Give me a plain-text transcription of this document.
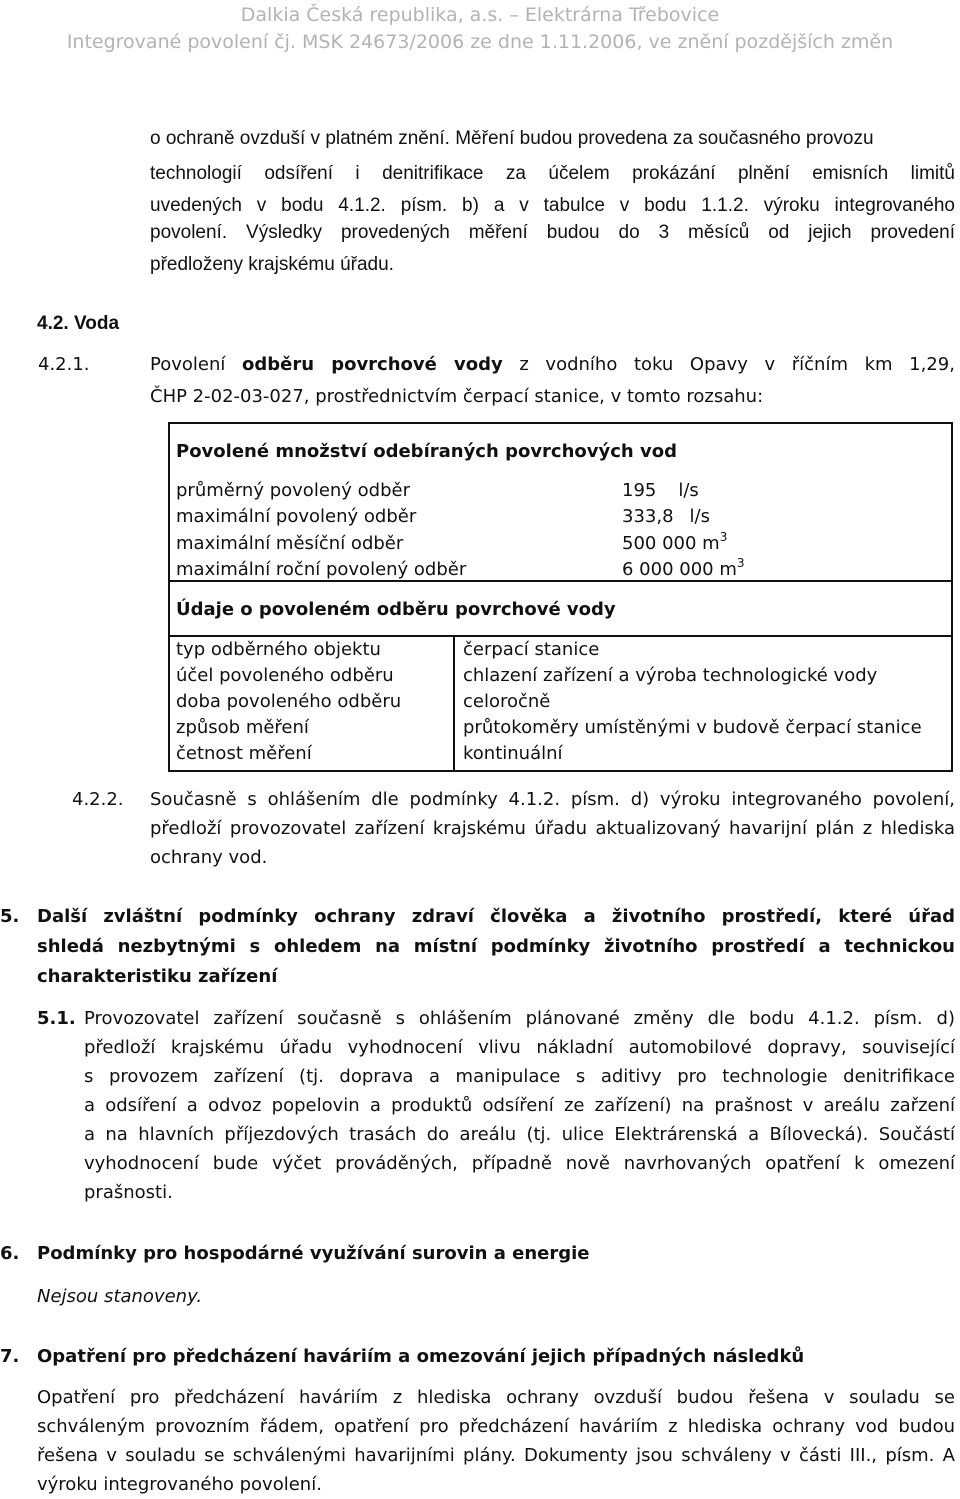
Dalkia Česká republika, a.s. – Elektrárna Třebovice
Integrované povolení čj. MSK 24673/2006 ze dne 1.11.2006, ve znění pozdějších změn
o ochraně ovzduší v platném znění. Měření budou provedena za současného provozu
technologií odsíření i denitrifikace za účelem prokázání plnění emisních limitů
uvedených v bodu 4.1.2. písm. b) a v tabulce v bodu 1.1.2. výroku integrovaného
povolení. Výsledky provedených měření budou do 3 měsíců od jejich provedení
předloženy krajskému úřadu.
4.2. Voda
4.2.1.	Povolení odběru povrchové vody z vodního toku Opavy v říčním km 1,29,
ČHP 2-02-03-027, prostřednictvím čerpací stanice, v tomto rozsahu:
Povolené množství odebíraných povrchových vod
průměrný povolený odběr	195 l/s
maximální povolený odběr	333,8 l/s
maximální měsíční odběr	500 000 $m^3$
maximální roční povolený odběr	6 000 000 $m^3$
Údaje o povoleném odběru povrchové vody
typ odběrného objektu	čerpací stanice
účel povoleného odběru	chlazení zařízení a výroba technologické vody
doba povoleného odběru	celoročně
způsob měření	průtokoměry umístěnými v budově čerpací stanice
četnost měření	kontinuální
4.2.2. Současně s ohlášením dle podmínky 4.1.2. písm. d) výroku integrovaného povolení,
předloží provozovatel zařízení krajskému úřadu aktualizovaný havarijní plán z hlediska
ochrany vod.
5. Další zvláštní podmínky ochrany zdraví člověka a životního prostředí, které úřad
shledá nezbytnými s ohledem na místní podmínky životního prostředí a technickou
charakteristiku zařízení
5.1. Provozovatel zařízení současně s ohlášením plánované změny dle bodu 4.1.2. písm. d)
předloží krajskému úřadu vyhodnocení vlivu nákladní automobilové dopravy, související
s provozem zařízení (tj. doprava a manipulace s aditivy pro technologie denitrifikace
a odsíření a odvoz popelovin a produktů odsíření ze zařízení) na prašnost v areálu zařzení
a na hlavních příjezdových trasách do areálu (tj. ulice Elektrárenská a Bílovecká). Součástí
vyhodnocení bude výčet prováděných, případně nově navrhovaných opatření k omezení
prašnosti.
6. Podmínky pro hospodárné využívání surovin a energie
Nejsou stanoveny.
7. Opatření pro předcházení haváriím a omezování jejich případných následků
Opatření pro předcházení haváriím z hlediska ochrany ovzduší budou řešena v souladu se
schváleným provozním řádem, opatření pro předcházení haváriím z hlediska ochrany vod budou
řešena v souladu se schválenými havarijními plány. Dokumenty jsou schváleny v části III., písm. A
výroku integrovaného povolení.
